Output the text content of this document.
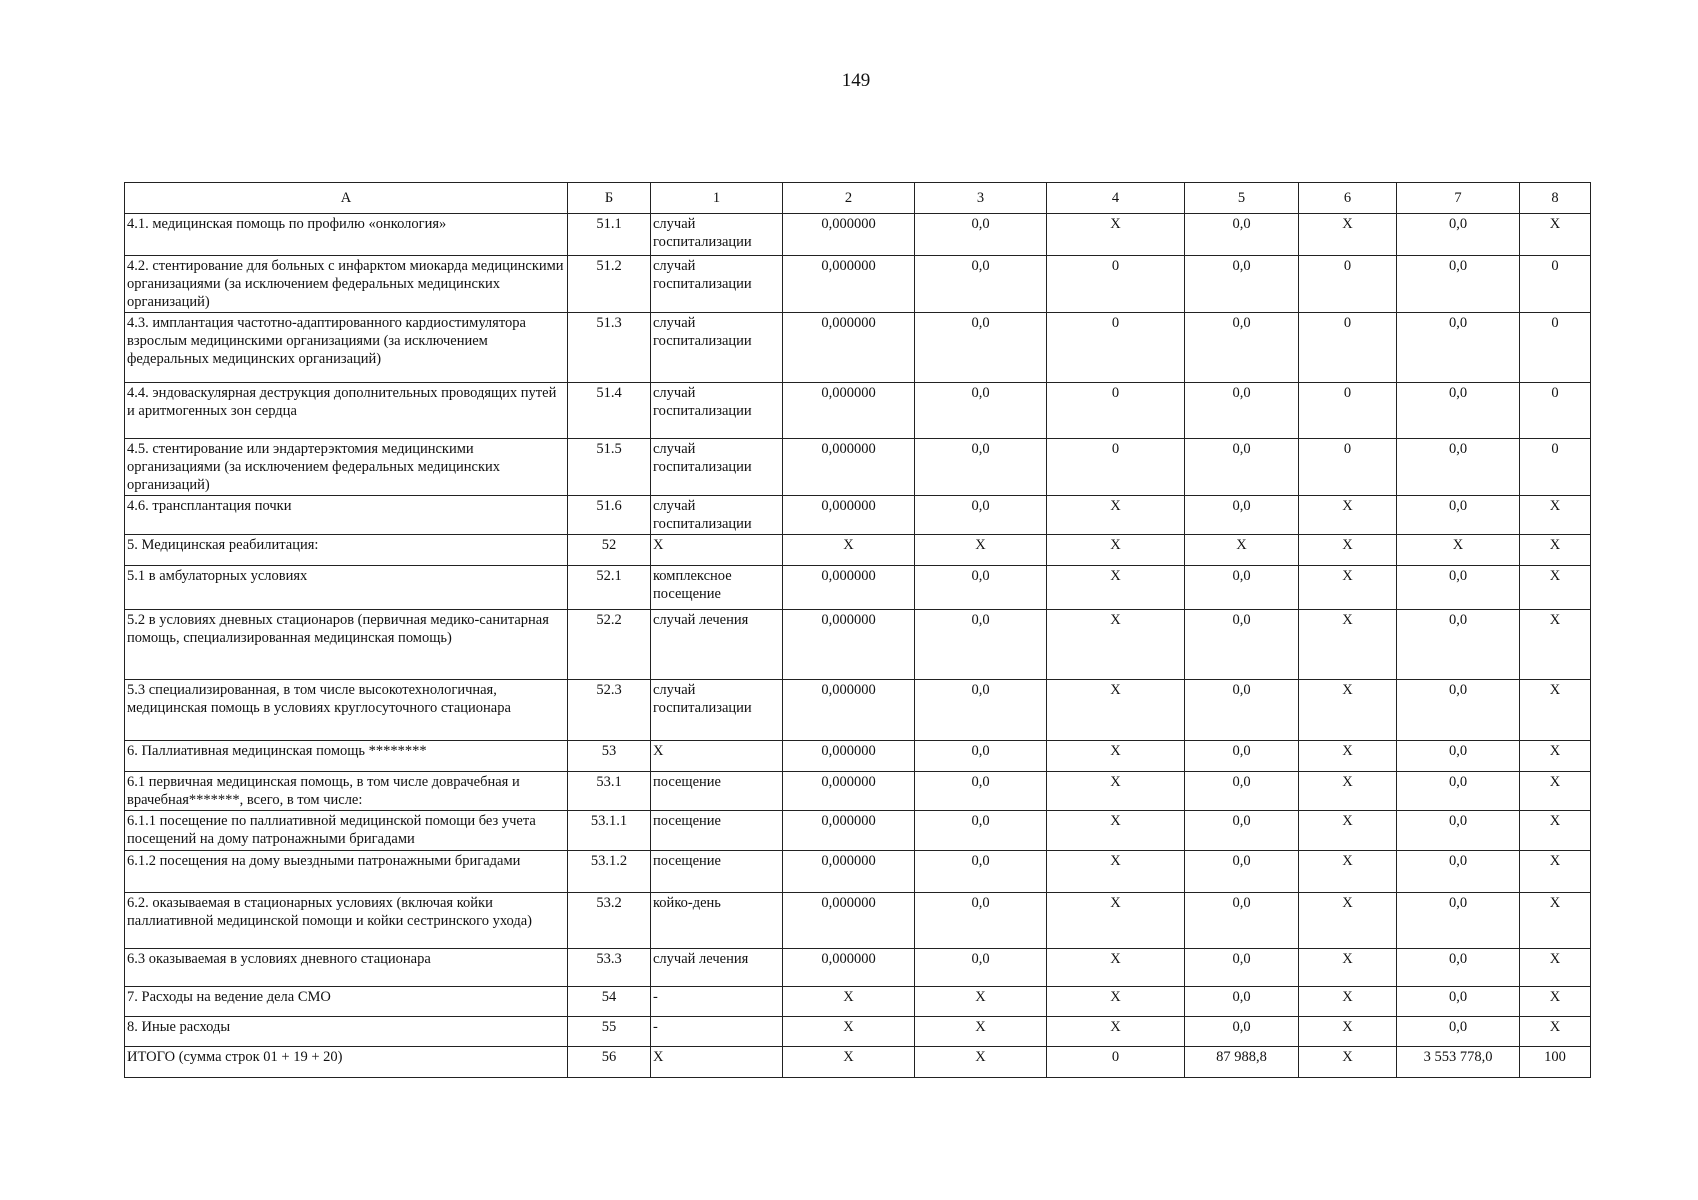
149
А	Б	1	2	3	4	5	6	7	8
4.1. медицинская помощь по профилю «онкология»	51.1	случай госпитализации	0,000000	0,0	X	0,0	X	0,0	X
4.2. стентирование для больных с инфарктом миокарда медицинскими организациями (за исключением федеральных медицинских организаций)	51.2	случай госпитализации	0,000000	0,0	0	0,0	0	0,0	0
4.3. имплантация частотно-адаптированного кардиостимулятора взрослым медицинскими организациями (за исключением федеральных медицинских организаций)	51.3	случай госпитализации	0,000000	0,0	0	0,0	0	0,0	0
4.4. эндоваскулярная деструкция дополнительных проводящих путей и аритмогенных зон сердца	51.4	случай госпитализации	0,000000	0,0	0	0,0	0	0,0	0
4.5. стентирование или эндартерэктомия медицинскими организациями (за исключением федеральных медицинских организаций)	51.5	случай госпитализации	0,000000	0,0	0	0,0	0	0,0	0
4.6. трансплантация почки	51.6	случай госпитализации	0,000000	0,0	X	0,0	X	0,0	X
5. Медицинская реабилитация:	52	X	X	X	X	X	X	X	X
5.1 в амбулаторных условиях	52.1	комплексное посещение	0,000000	0,0	X	0,0	X	0,0	X
5.2 в условиях дневных стационаров (первичная медико-санитарная помощь, специализированная медицинская помощь)	52.2	случай лечения	0,000000	0,0	X	0,0	X	0,0	X
5.3 специализированная, в том числе высокотехнологичная, медицинская помощь в условиях круглосуточного стационара	52.3	случай госпитализации	0,000000	0,0	X	0,0	X	0,0	X
6. Паллиативная медицинская помощь ********	53	X	0,000000	0,0	X	0,0	X	0,0	X
6.1 первичная медицинская помощь, в том числе доврачебная и врачебная*******, всего, в том числе:	53.1	посещение	0,000000	0,0	X	0,0	X	0,0	X
6.1.1 посещение по паллиативной медицинской помощи без учета посещений на дому патронажными бригадами	53.1.1	посещение	0,000000	0,0	X	0,0	X	0,0	X
6.1.2 посещения на дому выездными патронажными бригадами	53.1.2	посещение	0,000000	0,0	X	0,0	X	0,0	X
6.2. оказываемая в стационарных условиях (включая койки паллиативной медицинской помощи и койки сестринского ухода)	53.2	койко-день	0,000000	0,0	X	0,0	X	0,0	X
6.3 оказываемая в условиях дневного стационара	53.3	случай лечения	0,000000	0,0	X	0,0	X	0,0	X
7. Расходы на ведение дела СМО	54	-	X	X	X	0,0	X	0,0	X
8. Иные расходы	55	-	X	X	X	0,0	X	0,0	X
ИТОГО (сумма строк 01 + 19 + 20)	56	X	X	X	0	87 988,8	X	3 553 778,0	100
